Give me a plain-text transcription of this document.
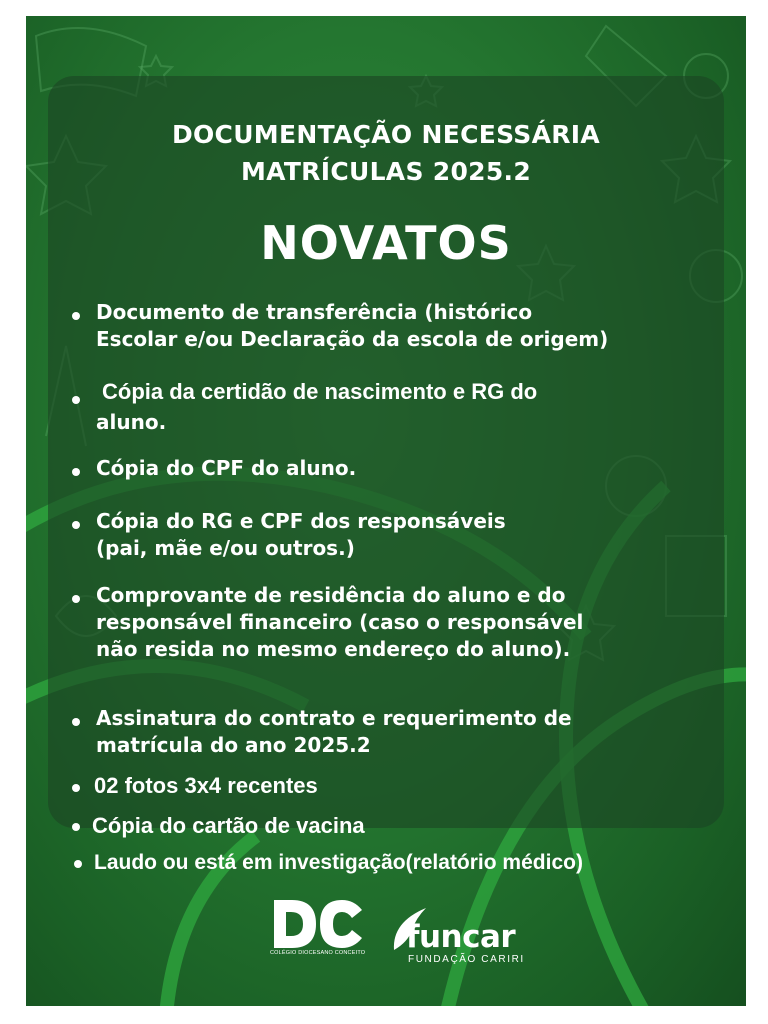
DOCUMENTAÇÃO NECESSÁRIA
MATRÍCULAS 2025.2
NOVATOS
Documento de transferência (histórico
Escolar e/ou Declaração da escola de origem)
Cópia da certidão de nascimento e RG do
aluno.
Cópia do CPF do aluno.
Cópia do RG e CPF dos responsáveis
(pai, mãe e/ou outros.)
Comprovante de residência do aluno e do
responsável financeiro (caso o responsável
não resida no mesmo endereço do aluno).
Assinatura do contrato e requerimento de
matrícula do ano 2025.2
02 fotos 3x4 recentes
Cópia do cartão de vacina
Laudo ou está em investigação(relatório médico)
COLÉGIO DIOCESANO CONCEITO funcar
FUNDAÇÃO CARIRI
